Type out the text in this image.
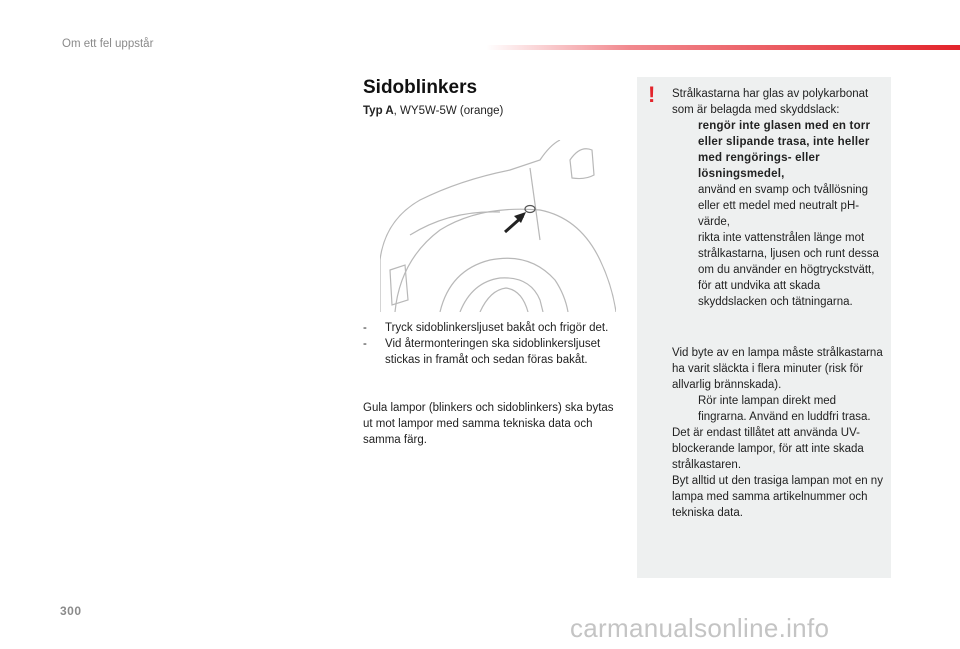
Om ett fel uppstår
Sidoblinkers
Typ A, WY5W-5W (orange)
- Tryck sidoblinkersljuset bakåt och frigör det.
- Vid återmonteringen ska sidoblinkersljuset stickas in framåt och sedan föras bakåt.
Gula lampor (blinkers och sidoblinkers) ska bytas ut mot lampor med samma tekniska data och samma färg.
! Strålkastarna har glas av polykarbonat som är belagda med skyddslack:

rengör inte glasen med en torr eller slipande trasa, inte heller med rengörings- eller lösningsmedel,
använd en svamp och tvållösning eller ett medel med neutralt pH-värde,
rikta inte vattenstrålen länge mot strålkastarna, ljusen och runt dessa om du använder en högtryckstvätt, för att undvika att skada skyddslacken och tätningarna.

Vid byte av en lampa måste strålkastarna ha varit släckta i flera minuter (risk för allvarlig brännskada).

Rör inte lampan direkt med fingrarna. Använd en luddfri trasa.

Det är endast tillåtet att använda UV-blockerande lampor, för att inte skada strålkastaren.

Byt alltid ut den trasiga lampan mot en ny lampa med samma artikelnummer och tekniska data.

300
carmanualsonline.info
